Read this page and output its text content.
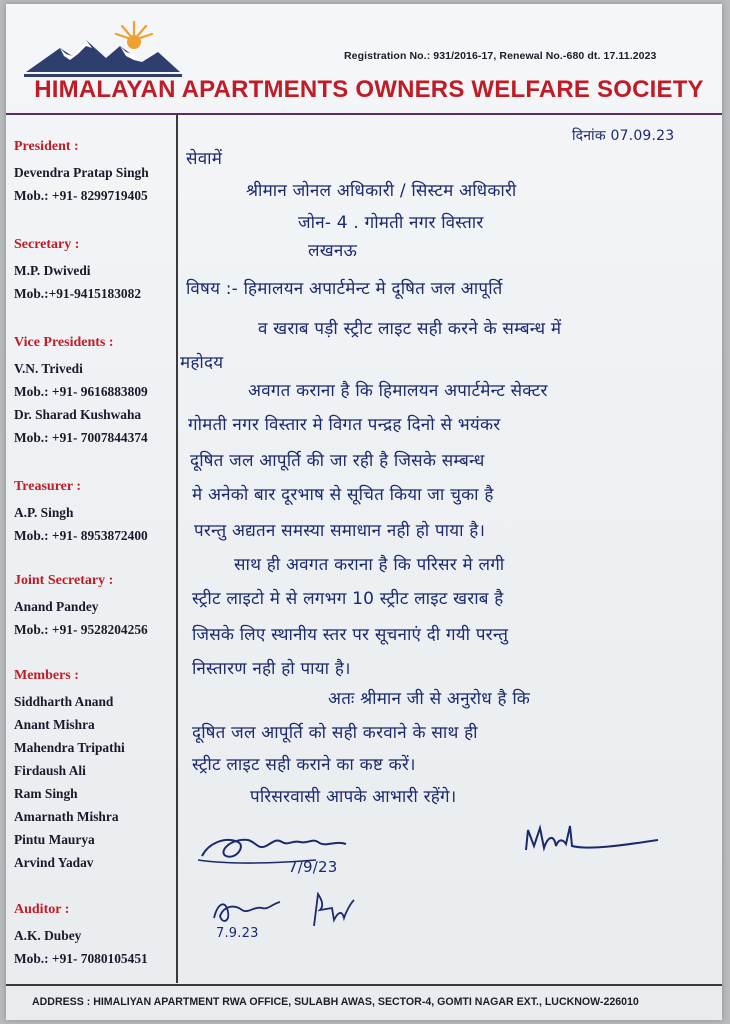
Registration No.: 931/2016-17, Renewal No.-680 dt. 17.11.2023
HIMALAYAN APARTMENTS OWNERS WELFARE SOCIETY
President :
Devendra Pratap Singh
Mob.: +91- 8299719405
Secretary :
M.P. Dwivedi
Mob.:+91-9415183082
Vice Presidents :
V.N. Trivedi
Mob.: +91- 9616883809
Dr. Sharad Kushwaha
Mob.: +91- 7007844374
Treasurer :
A.P. Singh
Mob.: +91- 8953872400
Joint Secretary :
Anand Pandey
Mob.: +91- 9528204256
Members :
Siddharth Anand
Anant Mishra
Mahendra Tripathi
Firdaush Ali
Ram Singh
Amarnath Mishra
Pintu Maurya
Arvind Yadav
Auditor :
A.K. Dubey
Mob.: +91- 7080105451
दिनांक 07.09.23
सेवामें
श्रीमान जोनल अधिकारी / सिस्टम अधिकारी
जोन- 4 . गोमती नगर विस्तार
लखनऊ
विषय :- हिमालयन अपार्टमेन्ट मे दूषित जल आपूर्ति
व खराब पड़ी स्ट्रीट लाइट सही करने के सम्बन्ध में
महोदय
अवगत कराना है कि हिमालयन अपार्टमेन्ट सेक्टर
गोमती नगर विस्तार मे विगत पन्द्रह दिनो से भयंकर
दूषित जल आपूर्ति की जा रही है जिसके सम्बन्ध
मे अनेको बार दूरभाष से सूचित किया जा चुका है
परन्तु अद्यतन समस्या समाधान नही हो पाया है।
साथ ही अवगत कराना है कि परिसर मे लगी
स्ट्रीट लाइटो मे से लगभग 10 स्ट्रीट लाइट खराब है
जिसके लिए स्थानीय स्तर पर सूचनाएं दी गयी परन्तु
निस्तारण नही हो पाया है।
अतः श्रीमान जी से अनुरोध है कि
दूषित जल आपूर्ति को सही करवाने के साथ ही
स्ट्रीट लाइट सही कराने का कष्ट करें।
परिसरवासी आपके आभारी रहेंगे।
7/9/23
7.9.23
ADDRESS : HIMALIYAN APARTMENT RWA OFFICE, SULABH AWAS, SECTOR-4, GOMTI NAGAR EXT., LUCKNOW-226010
